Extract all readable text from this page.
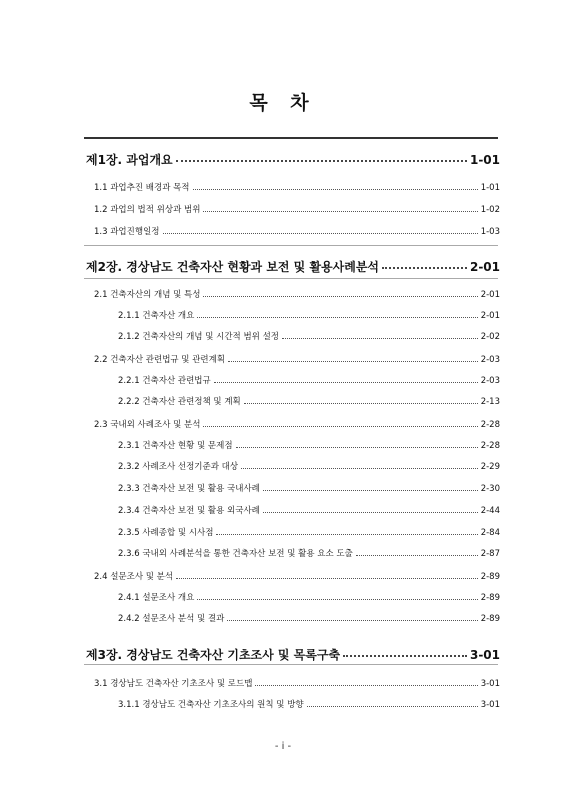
목 차
제1장. 과업개요	1-01
1.1 과업추진 배경과 목적	1-01
1.2 과업의 법적 위상과 범위	1-02
1.3 과업진행일정	1-03
제2장. 경상남도 건축자산 현황과 보전 및 활용사례분석	2-01
2.1 건축자산의 개념 및 특성	2-01
2.1.1 건축자산 개요	2-01
2.1.2 건축자산의 개념 및 시간적 범위 설정	2-02
2.2 건축자산 관련법규 및 관련계획	2-03
2.2.1 건축자산 관련법규	2-03
2.2.2 건축자산 관련정책 및 계획	2-13
2.3 국내외 사례조사 및 분석	2-28
2.3.1 건축자산 현황 및 문제점	2-28
2.3.2 사례조사 선정기준과 대상	2-29
2.3.3 건축자산 보전 및 활용 국내사례	2-30
2.3.4 건축자산 보전 및 활용 외국사례	2-44
2.3.5 사례종합 및 시사점	2-84
2.3.6 국내외 사례분석을 통한 건축자산 보전 및 활용 요소 도출	2-87
2.4 설문조사 및 분석	2-89
2.4.1 설문조사 개요	2-89
2.4.2 설문조사 분석 및 결과	2-89
제3장. 경상남도 건축자산 기초조사 및 목록구축	3-01
3.1 경상남도 건축자산 기초조사 및 로드맵	3-01
3.1.1 경상남도 건축자산 기초조사의 원칙 및 방향	3-01
- i -
